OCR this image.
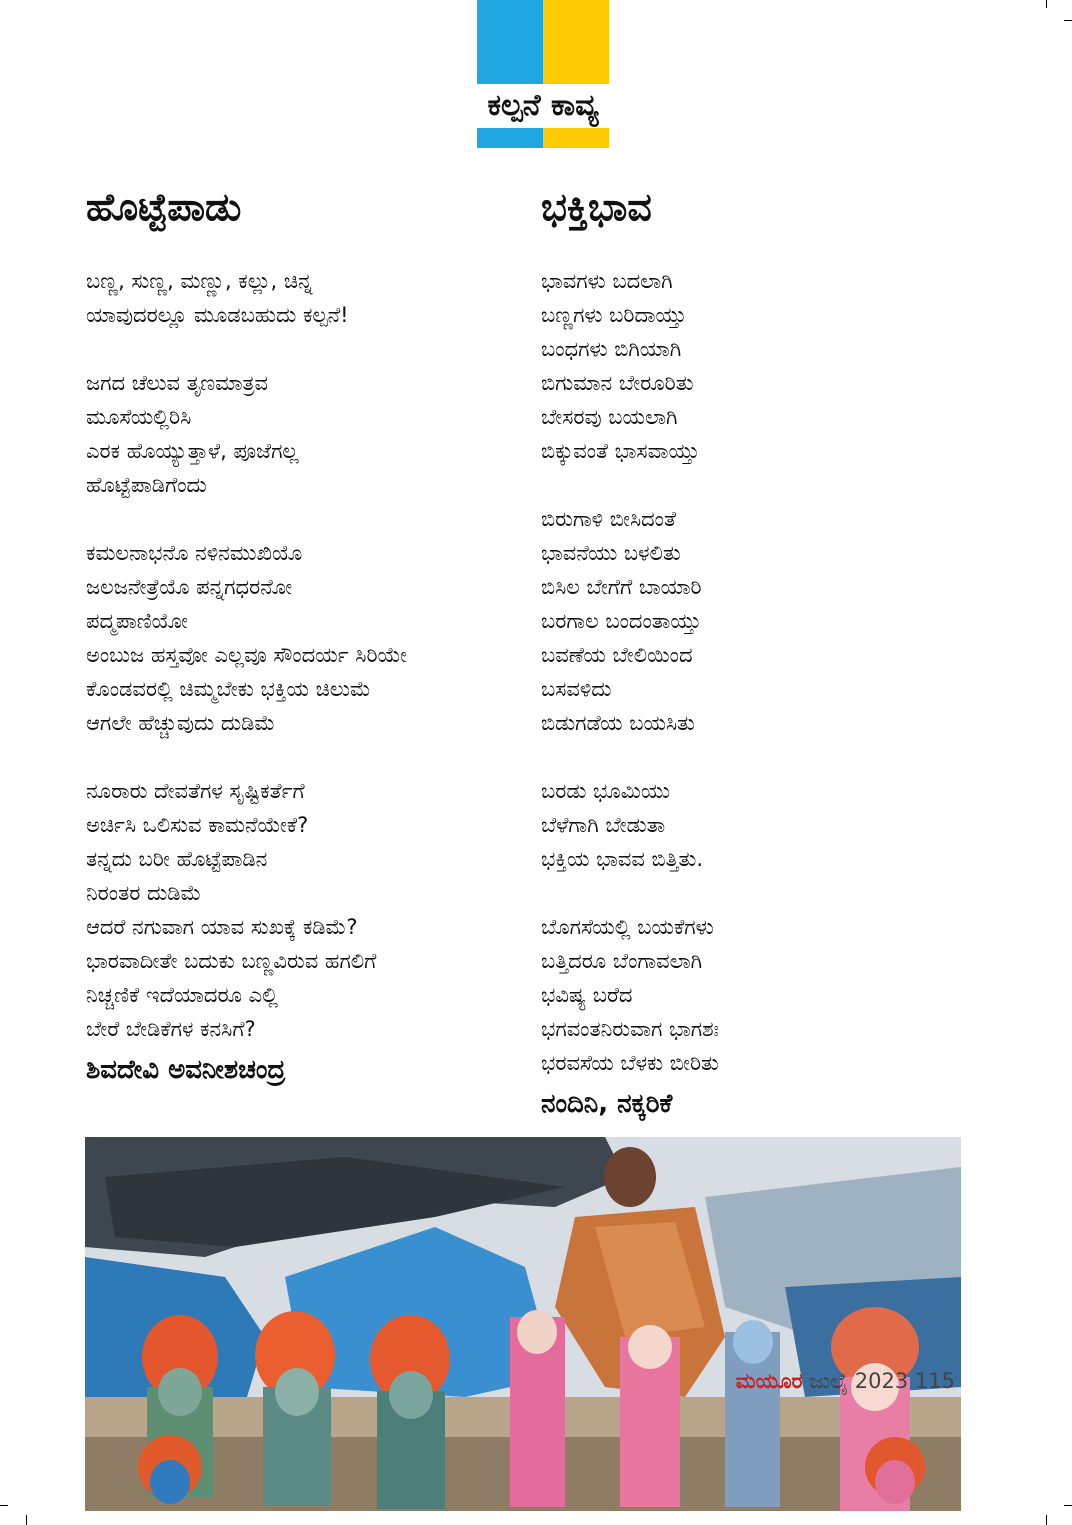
ಕಲ್ಪನೆ ಕಾವ್ಯ
ಹೊಟ್ಟೆಪಾಡು
ಬಣ್ಣ, ಸುಣ್ಣ, ಮಣ್ಣು, ಕಲ್ಲು, ಚಿನ್ನ
ಯಾವುದರಲ್ಲೂ ಮೂಡಬಹುದು ಕಲ್ಪನೆ!
ಜಗದ ಚೆಲುವ ತೃಣಮಾತ್ರವ
ಮೂಸೆಯಲ್ಲಿರಿಸಿ
ಎರಕ ಹೊಯ್ಯುತ್ತಾಳೆ, ಪೂಜೆಗಲ್ಲ
ಹೊಟ್ಟೆಪಾಡಿಗೆಂದು
ಕಮಲನಾಭನೊ ನಳಿನಮುಖಿಯೊ
ಜಲಜನೇತ್ರೆಯೊ ಪನ್ನಗಧರನೋ
ಪದ್ಮಪಾಣಿಯೋ
ಅಂಬುಜ ಹಸ್ತವೋ ಎಲ್ಲವೂ ಸೌಂದರ್ಯ ಸಿರಿಯೇ
ಕೊಂಡವರಲ್ಲಿ ಚಿಮ್ಮಬೇಕು ಭಕ್ತಿಯ ಚಿಲುಮೆ
ಆಗಲೇ ಹೆಚ್ಚುವುದು ದುಡಿಮೆ
ನೂರಾರು ದೇವತೆಗಳ ಸೃಷ್ಟಿಕರ್ತೆಗೆ
ಅರ್ಚಿಸಿ ಒಲಿಸುವ ಕಾಮನೆಯೇಕೆ?
ತನ್ನದು ಬರೀ ಹೊಟ್ಟೆಪಾಡಿನ
ನಿರಂತರ ದುಡಿಮೆ
ಆದರೆ ನಗುವಾಗ ಯಾವ ಸುಖಕ್ಕೆ ಕಡಿಮೆ?
ಭಾರವಾದೀತೇ ಬದುಕು ಬಣ್ಣವಿರುವ ಹಗಲಿಗೆ
ನಿಚ್ಚಣಿಕೆ ಇದೆಯಾದರೂ ಎಲ್ಲಿ
ಬೇರೆ ಬೇಡಿಕೆಗಳ ಕನಸಿಗೆ?
ಶಿವದೇವಿ ಅವನೀಶಚಂದ್ರ
ಭಕ್ತಿಭಾವ
ಭಾವಗಳು ಬದಲಾಗಿ
ಬಣ್ಣಗಳು ಬರಿದಾಯ್ತು
ಬಂಧಗಳು ಬಿಗಿಯಾಗಿ
ಬಿಗುಮಾನ ಬೇರೂರಿತು
ಬೇಸರವು ಬಯಲಾಗಿ
ಬಿಕ್ಕುವಂತೆ ಭಾಸವಾಯ್ತು
ಬಿರುಗಾಳಿ ಬೀಸಿದಂತೆ
ಭಾವನೆಯು ಬಳಲಿತು
ಬಿಸಿಲ ಬೇಗೆಗೆ ಬಾಯಾರಿ
ಬರಗಾಲ ಬಂದಂತಾಯ್ತು
ಬವಣೆಯ ಬೇಲಿಯಿಂದ
ಬಸವಳಿದು
ಬಿಡುಗಡೆಯ ಬಯಸಿತು
ಬರಡು ಭೂಮಿಯು
ಬೆಳೆಗಾಗಿ ಬೇಡುತಾ
ಭಕ್ತಿಯ ಭಾವವ ಬಿತ್ತಿತು.
ಬೊಗಸೆಯಲ್ಲಿ ಬಯಕೆಗಳು
ಬತ್ತಿದರೂ ಬೆಂಗಾವಲಾಗಿ
ಭವಿಷ್ಯ ಬರೆದ
ಭಗವಂತನಿರುವಾಗ ಭಾಗಶಃ
ಭರವಸೆಯ ಬೆಳಕು ಬೀರಿತು
ನಂದಿನಿ, ನಕ್ಕರಿಕೆ
ಮಯೂರ ಜುಲೈ 2023 115
